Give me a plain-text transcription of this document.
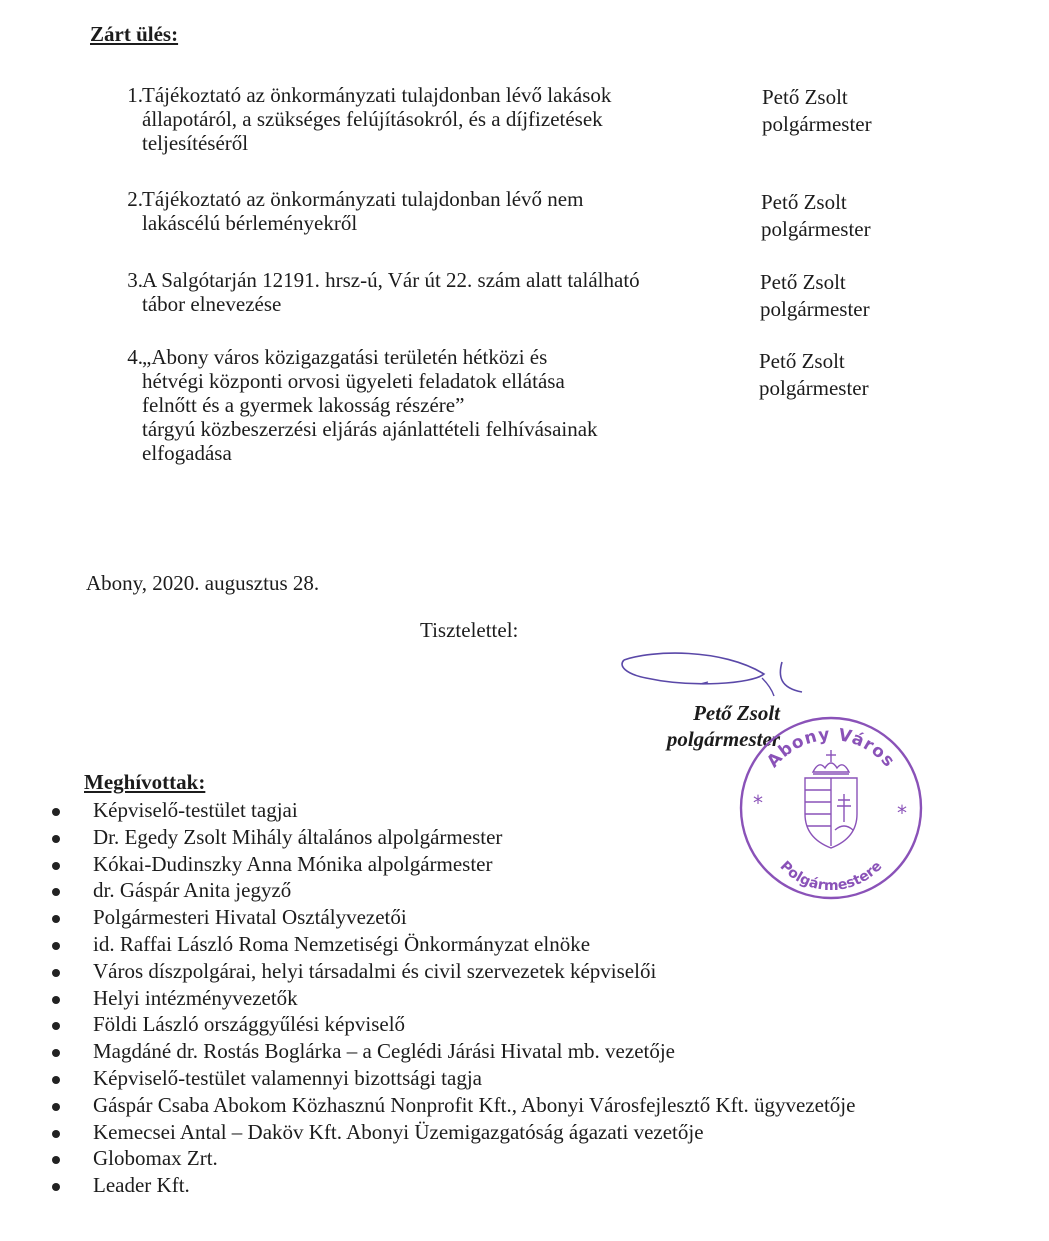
Zárt ülés:
1. Tájékoztató az önkormányzati tulajdonban lévő lakások
állapotáról, a szükséges felújításokról, és a díjfizetések
teljesítéséről
Pető Zsolt
polgármester
2. Tájékoztató az önkormányzati tulajdonban lévő nem
lakáscélú bérleményekről
Pető Zsolt
polgármester
3. A Salgótarján 12191. hrsz-ú, Vár út 22. szám alatt található
tábor elnevezése
Pető Zsolt
polgármester
4. „Abony város közigazgatási területén hétközi és
hétvégi központi orvosi ügyeleti feladatok ellátása
felnőtt és a gyermek lakosság részére”
tárgyú közbeszerzési eljárás ajánlattételi felhívásainak
elfogadása
Pető Zsolt
polgármester
Abony, 2020. augusztus 28.
Tisztelettel:
Pető Zsolt
polgármester
Abony Város
Polgármestere
*	*
Meghívottak:
Képviselő-testület tagjai
Dr. Egedy Zsolt Mihály általános alpolgármester
Kókai-Dudinszky Anna Mónika alpolgármester
dr. Gáspár Anita jegyző
Polgármesteri Hivatal Osztályvezetői
id. Raffai László Roma Nemzetiségi Önkormányzat elnöke
Város díszpolgárai, helyi társadalmi és civil szervezetek képviselői
Helyi intézményvezetők
Földi László országgyűlési képviselő
Magdáné dr. Rostás Boglárka – a Ceglédi Járási Hivatal mb. vezetője
Képviselő-testület valamennyi bizottsági tagja
Gáspár Csaba Abokom Közhasznú Nonprofit Kft., Abonyi Városfejlesztő Kft. ügyvezetője
Kemecsei Antal – Daköv Kft. Abonyi Üzemigazgatóság ágazati vezetője
Globomax Zrt.
Leader Kft.
